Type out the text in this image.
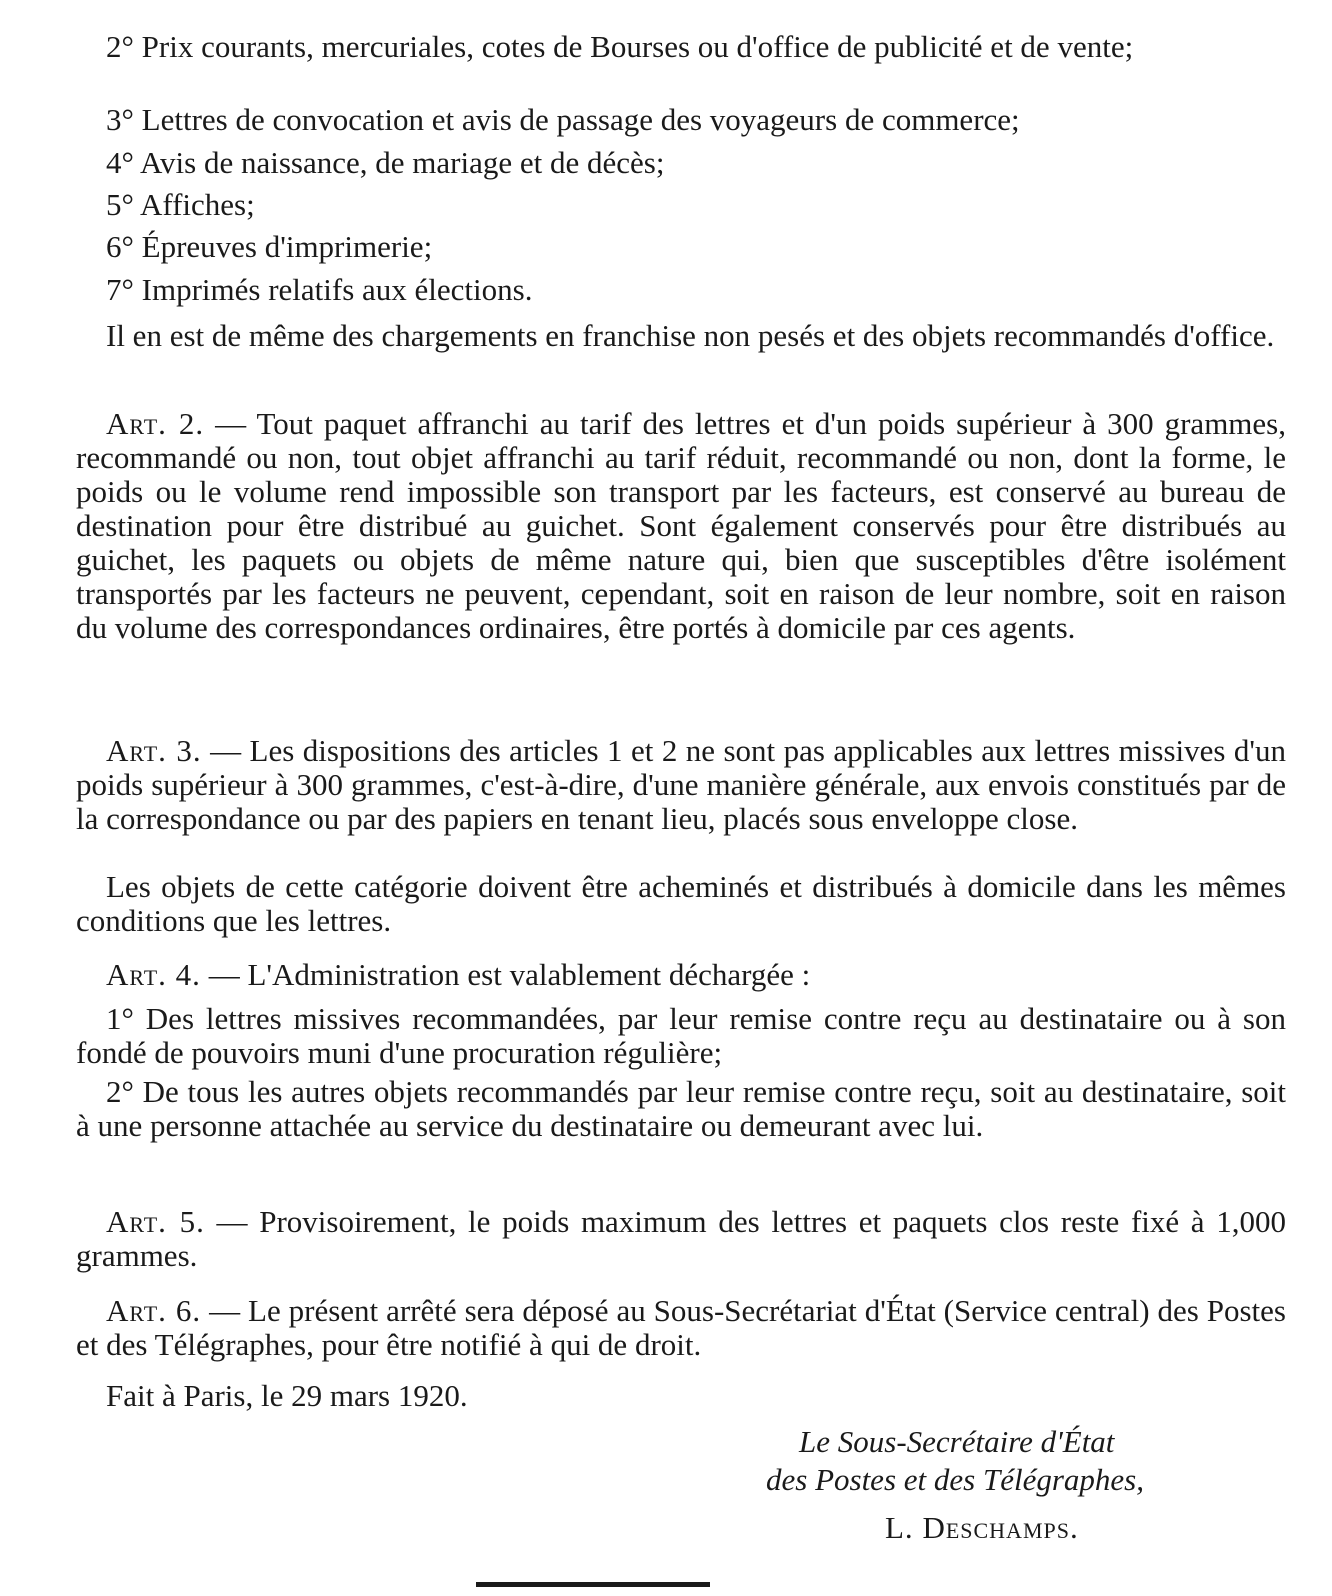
2° Prix courants, mercuriales, cotes de Bourses ou d'office de publicité et de vente;
3° Lettres de convocation et avis de passage des voyageurs de commerce;
4° Avis de naissance, de mariage et de décès;
5° Affiches;
6° Épreuves d'imprimerie;
7° Imprimés relatifs aux élections.
Il en est de même des chargements en franchise non pesés et des objets recommandés d'office.
Art. 2. — Tout paquet affranchi au tarif des lettres et d'un poids supérieur à 300 grammes, recommandé ou non, tout objet affranchi au tarif réduit, recommandé ou non, dont la forme, le poids ou le volume rend impossible son transport par les facteurs, est conservé au bureau de destination pour être distribué au guichet. Sont également conservés pour être distribués au guichet, les paquets ou objets de même nature qui, bien que susceptibles d'être isolément transportés par les facteurs ne peuvent, cependant, soit en raison de leur nombre, soit en raison du volume des correspondances ordinaires, être portés à domicile par ces agents.
Art. 3. — Les dispositions des articles 1 et 2 ne sont pas applicables aux lettres missives d'un poids supérieur à 300 grammes, c'est-à-dire, d'une manière générale, aux envois constitués par de la correspondance ou par des papiers en tenant lieu, placés sous enveloppe close.
Les objets de cette catégorie doivent être acheminés et distribués à domicile dans les mêmes conditions que les lettres.
Art. 4. — L'Administration est valablement déchargée :
1° Des lettres missives recommandées, par leur remise contre reçu au destinataire ou à son fondé de pouvoirs muni d'une procuration régulière;
2° De tous les autres objets recommandés par leur remise contre reçu, soit au destinataire, soit à une personne attachée au service du destinataire ou demeurant avec lui.
Art. 5. — Provisoirement, le poids maximum des lettres et paquets clos reste fixé à 1,000 grammes.
Art. 6. — Le présent arrêté sera déposé au Sous-Secrétariat d'État (Service central) des Postes et des Télégraphes, pour être notifié à qui de droit.
Fait à Paris, le 29 mars 1920.
Le Sous-Secrétaire d'État
des Postes et des Télégraphes,
L. Deschamps.
